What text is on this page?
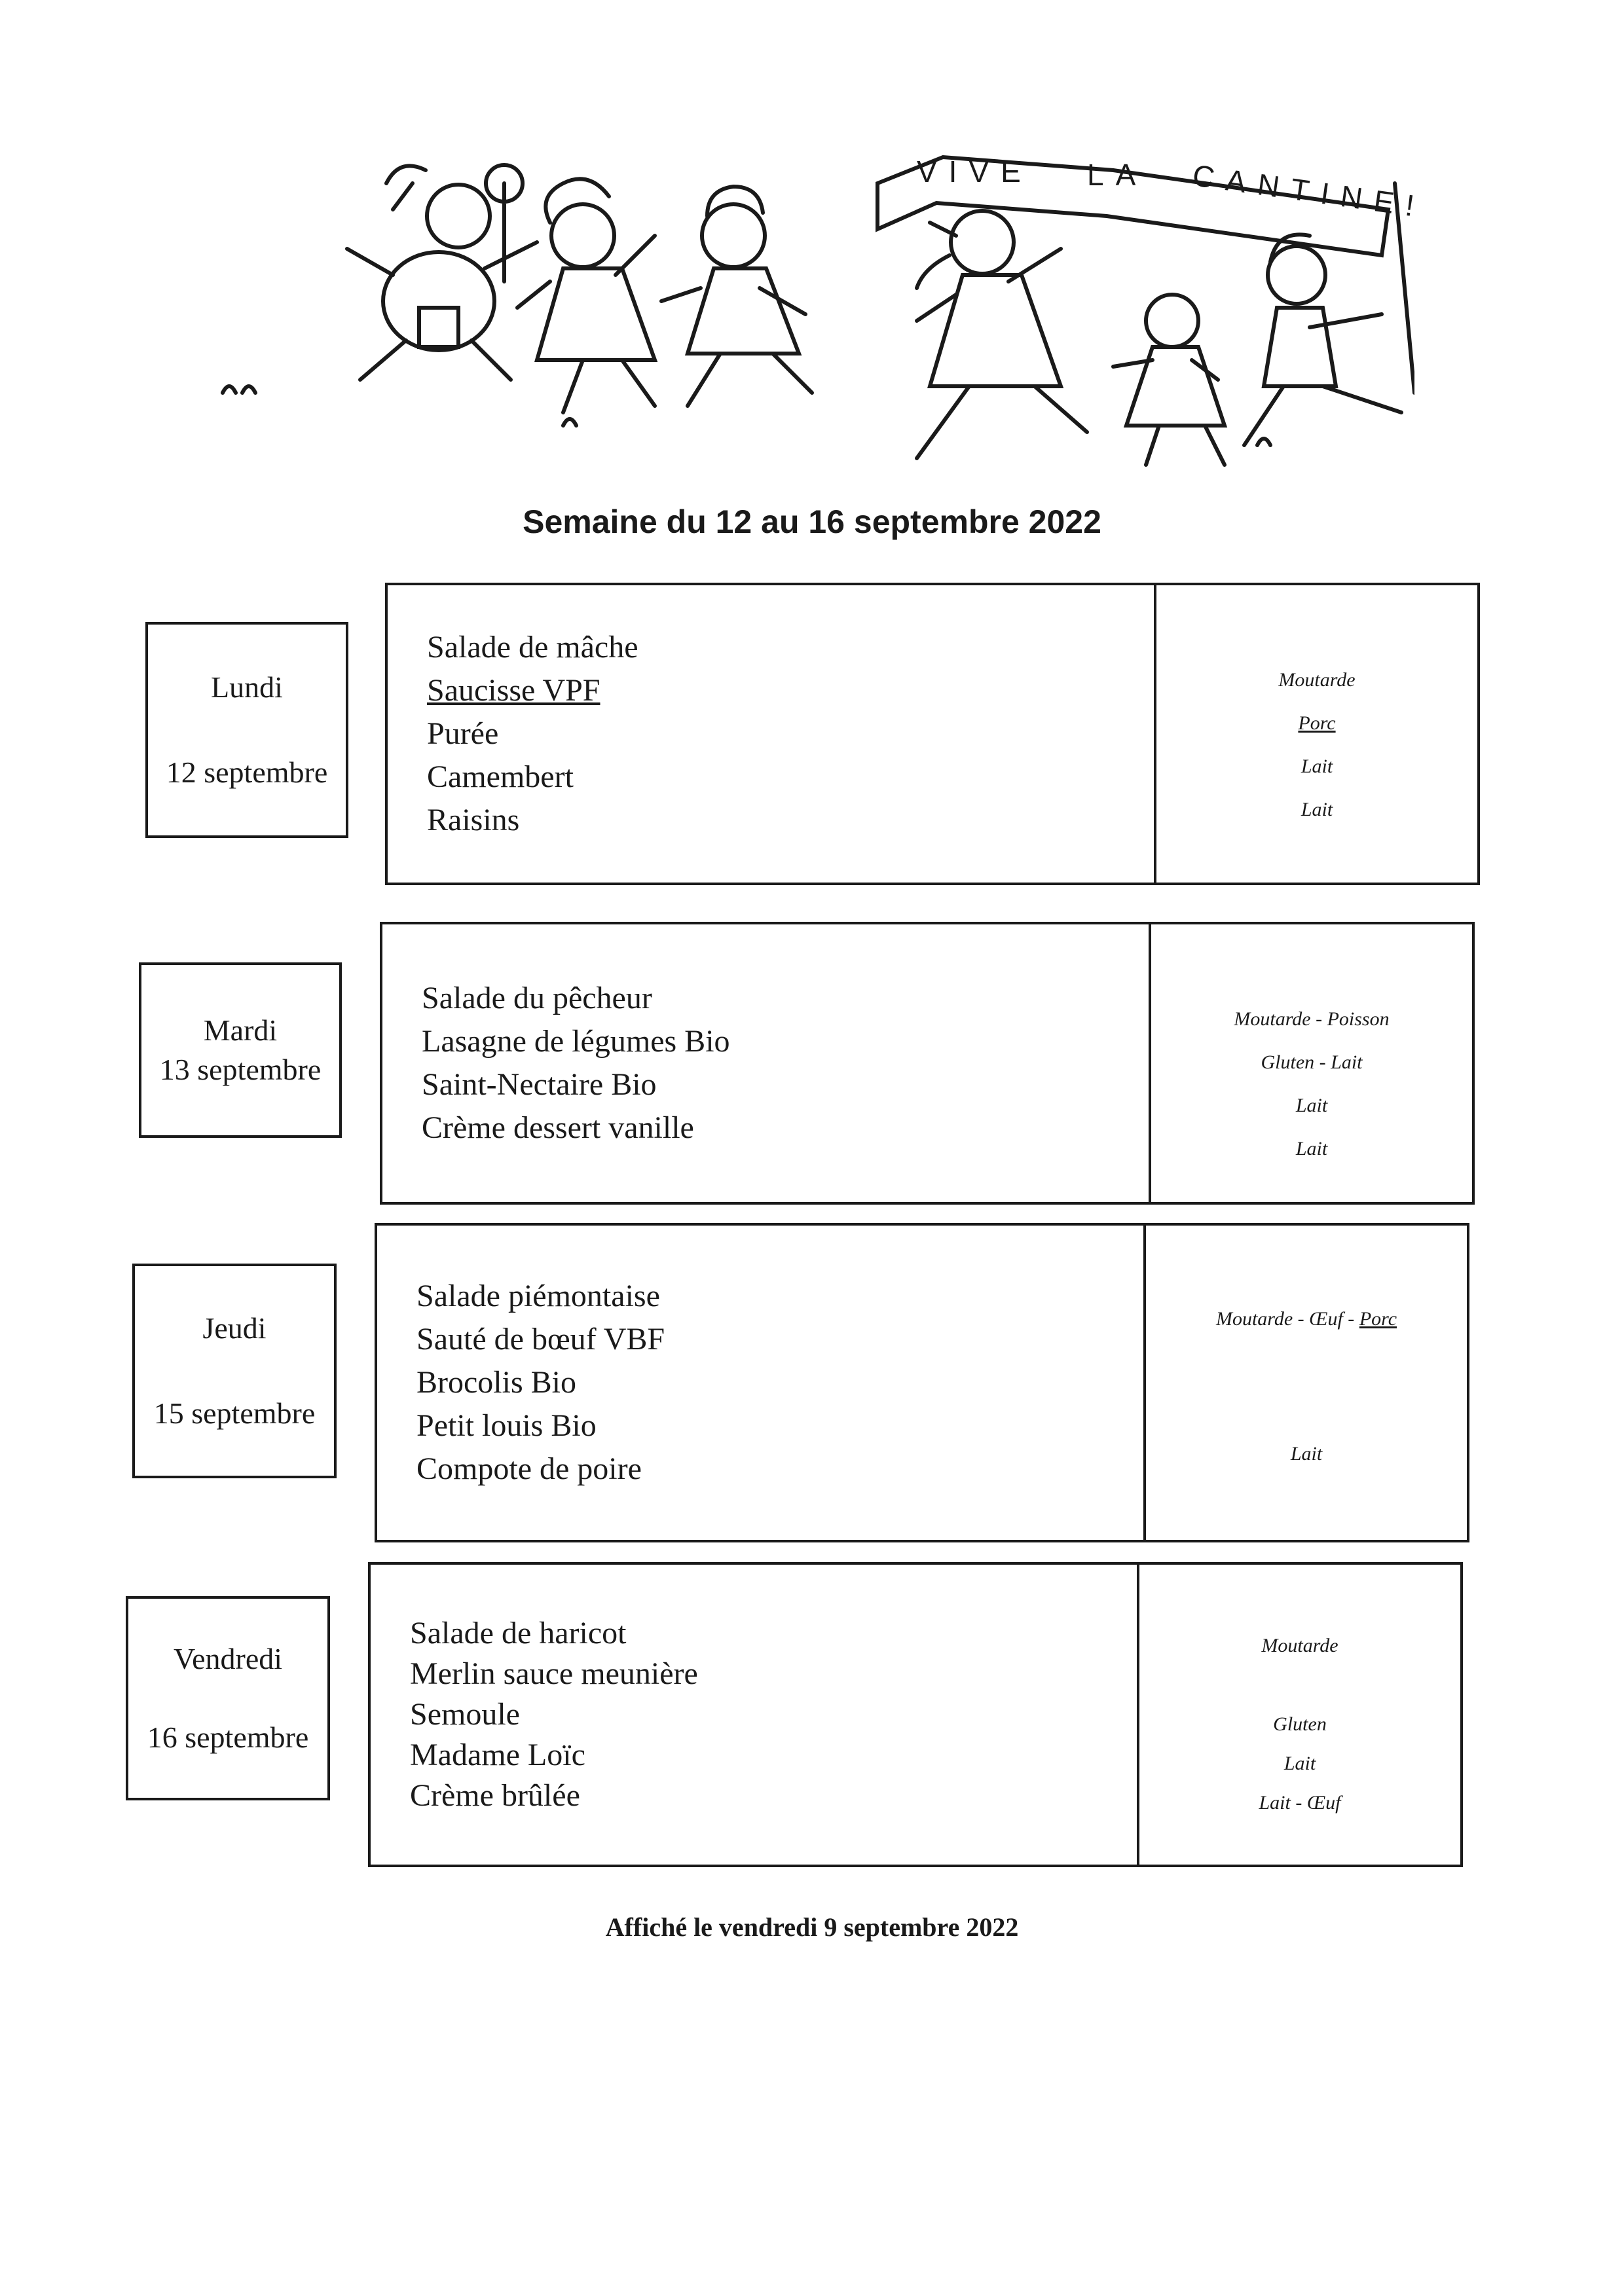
VIVE LA CANTINE!
Semaine du 12 au 16 septembre 2022
Lundi
12 septembre
Salade de mâche
Saucisse VPF
Purée
Camembert
Raisins
Moutarde
Porc
Lait
Lait
Mardi
13 septembre
Salade du pêcheur
Lasagne de légumes Bio
Saint-Nectaire Bio
Crème dessert vanille
Moutarde - Poisson
Gluten - Lait
Lait
Lait
Jeudi
15 septembre
Salade piémontaise
Sauté de bœuf VBF
Brocolis Bio
Petit louis Bio
Compote de poire
Moutarde - Œuf - Porc
Lait
Vendredi
16 septembre
Salade de haricot
Merlin sauce meunière
Semoule
Madame Loïc
Crème brûlée
Moutarde
Gluten
Lait
Lait - Œuf
Affiché le vendredi 9 septembre 2022
